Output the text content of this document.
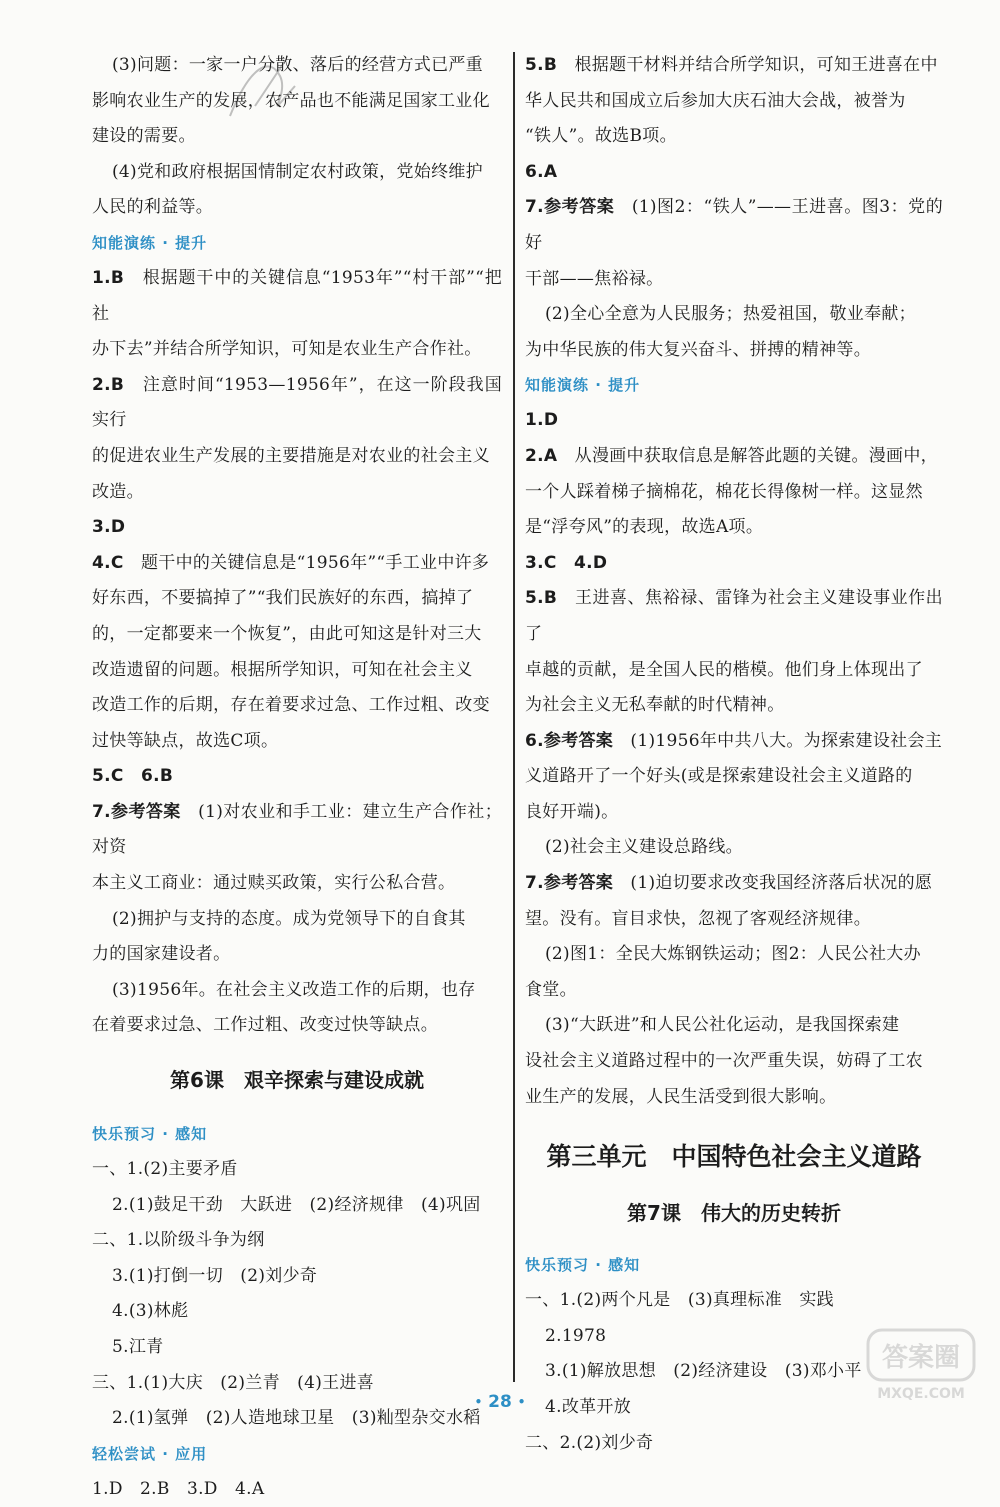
(3)问题：一家一户分散、落后的经营方式已严重

影响农业生产的发展，农产品也不能满足国家工业化

建设的需要。

(4)党和政府根据国情制定农村政策，党始终维护

人民的利益等。

知能演练 · 提升

1.B　 根据题干中的关键信息“1953年”“村干部”“把社

办下去”并结合所学知识，可知是农业生产合作社。

2.B　 注意时间“1953—1956年”，在这一阶段我国实行

的促进农业生产发展的主要措施是对农业的社会主义

改造。

3.D

4.C　 题干中的关键信息是“1956年”“手工业中许多

好东西，不要搞掉了”“我们民族好的东西，搞掉了

的，一定都要来一个恢复”，由此可知这是针对三大

改造遗留的问题。根据所学知识，可知在社会主义

改造工作的后期，存在着要求过急、工作过粗、改变

过快等缺点，故选C项。

5.C　6.B

7.参考答案　 (1)对农业和手工业：建立生产合作社；对资

本主义工商业：通过赎买政策，实行公私合营。

(2)拥护与支持的态度。成为党领导下的自食其

力的国家建设者。

(3)1956年。在社会主义改造工作的后期，也存

在着要求过急、工作过粗、改变过快等缺点。

第6课　艰辛探索与建设成就

快乐预习 · 感知

一、1.(2)主要矛盾

2.(1)鼓足干劲　大跃进　(2)经济规律　(4)巩固

二、1.以阶级斗争为纲

3.(1)打倒一切　(2)刘少奇

4.(3)林彪

5.江青

三、1.(1)大庆　(2)兰青　(4)王进喜

2.(1)氢弹　(2)人造地球卫星　(3)籼型杂交水稻

轻松尝试 · 应用

1.D　2.B　3.D　4.A

5.B　 根据题干材料并结合所学知识，可知王进喜在中

华人民共和国成立后参加大庆石油大会战，被誉为

“铁人”。故选B项。

6.A

7.参考答案　 (1)图2：“铁人”——王进喜。图3：党的好

干部——焦裕禄。

(2)全心全意为人民服务；热爱祖国，敬业奉献；

为中华民族的伟大复兴奋斗、拼搏的精神等。

知能演练 · 提升

1.D

2.A　 从漫画中获取信息是解答此题的关键。漫画中，

一个人踩着梯子摘棉花，棉花长得像树一样。这显然

是“浮夸风”的表现，故选A项。

3.C　4.D

5.B　 王进喜、焦裕禄、雷锋为社会主义建设事业作出了

卓越的贡献，是全国人民的楷模。他们身上体现出了

为社会主义无私奉献的时代精神。

6.参考答案　 (1)1956年中共八大。为探索建设社会主

义道路开了一个好头(或是探索建设社会主义道路的

良好开端)。

(2)社会主义建设总路线。

7.参考答案　 (1)迫切要求改变我国经济落后状况的愿

望。没有。盲目求快，忽视了客观经济规律。

(2)图1：全民大炼钢铁运动；图2：人民公社大办

食堂。

(3)“大跃进”和人民公社化运动，是我国探索建

设社会主义道路过程中的一次严重失误，妨碍了工农

业生产的发展，人民生活受到很大影响。

第三单元　中国特色社会主义道路

第7课　伟大的历史转折

快乐预习 · 感知

一、1.(2)两个凡是　(3)真理标准　实践

2.1978

3.(1)解放思想　(2)经济建设　(3)邓小平

4.改革开放

二、2.(2)刘少奇

• 28 •
答案圈
MXQE.COM
